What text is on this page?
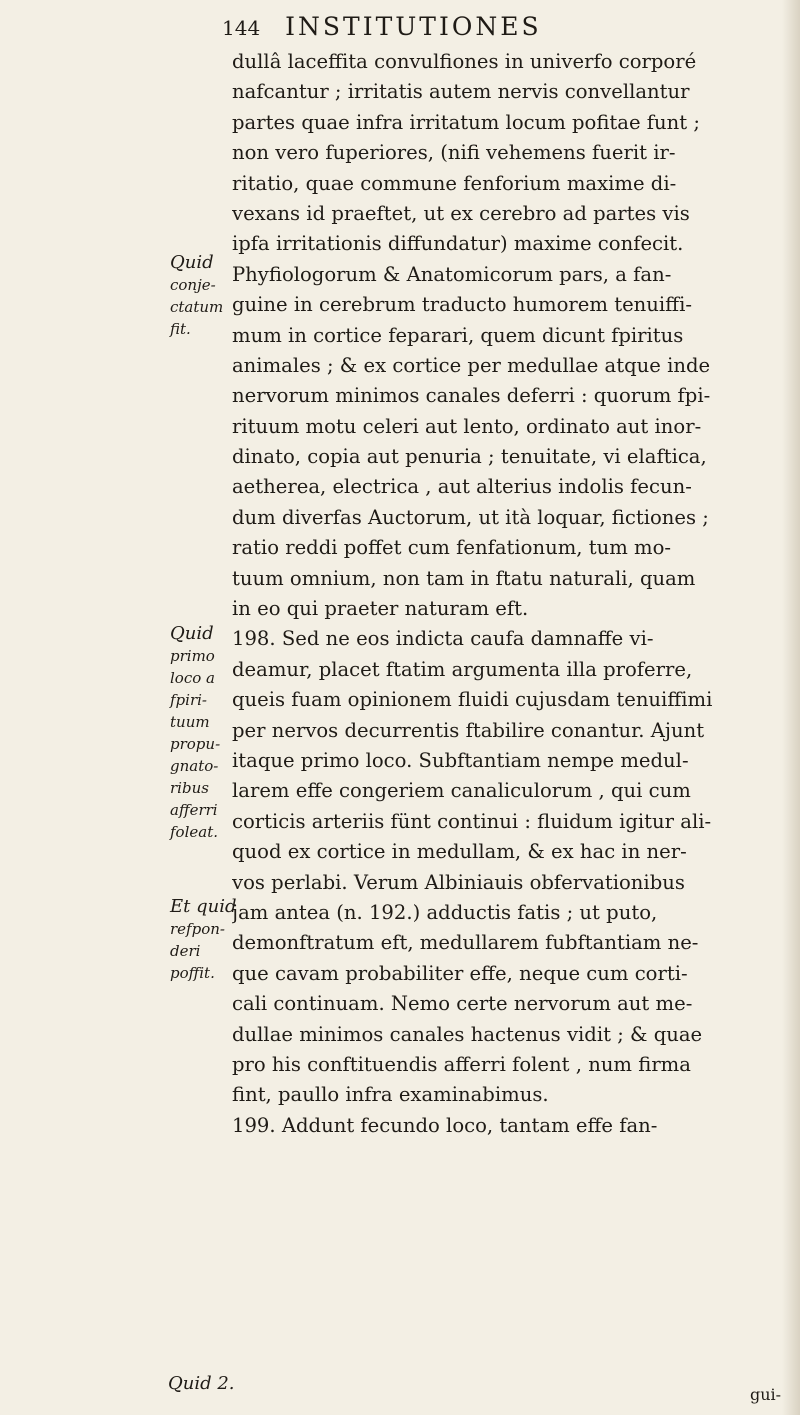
144 INSTITUTIONES
dullâ laceffita convulfiones in univerfo corporé
nafcantur ; irritatis autem nervis convellantur
partes quae infra irritatum locum pofitae funt ;
non vero fuperiores, (nifi vehemens fuerit ir-
ritatio, quae commune fenforium maxime di-
vexans id praeftet, ut ex cerebro ad partes vis
ipfa irritationis diffundatur) maxime confecit.
Phyfiologorum & Anatomicorum pars, a fan-
guine in cerebrum traducto humorem tenuiffi-
mum in cortice feparari, quem dicunt fpiritus
animales ; & ex cortice per medullae atque inde
nervorum minimos canales deferri : quorum fpi-
rituum motu celeri aut lento, ordinato aut inor-
dinato, copia aut penuria ; tenuitate, vi elaftica,
aetherea, electrica , aut alterius indolis fecun-
dum diverfas Auctorum, ut ità loquar, fictiones ;
ratio reddi poffet cum fenfationum, tum mo-
tuum omnium, non tam in ftatu naturali, quam
in eo qui praeter naturam eft.
198. Sed ne eos indicta caufa damnaffe vi-
deamur, placet ftatim argumenta illa proferre,
queis fuam opinionem fluidi cujusdam tenuiffimi
per nervos decurrentis ftabilire conantur. Ajunt
itaque primo loco. Subftantiam nempe medul-
larem effe congeriem canaliculorum , qui cum
corticis arteriis fünt continui : fluidum igitur ali-
quod ex cortice in medullam, & ex hac in ner-
vos perlabi. Verum Albiniauis obfervationibus
jam antea (n. 192.) adductis fatis ; ut puto,
demonftratum eft, medullarem fubftantiam ne-
que cavam probabiliter effe, neque cum corti-
cali continuam. Nemo certe nervorum aut me-
dullae minimos canales hactenus vidit ; & quae
pro his conftituendis afferri folent , num firma
fint, paullo infra examinabimus.
199. Addunt fecundo loco, tantam effe fan-
Quid
conje-
ctatum
fit.
Quid
primo
loco a
fpiri-
tuum
propu-
gnato-
ribus
afferri
foleat.
Et quid
refpon-
deri
poffit.
Quid 2.
gui-
